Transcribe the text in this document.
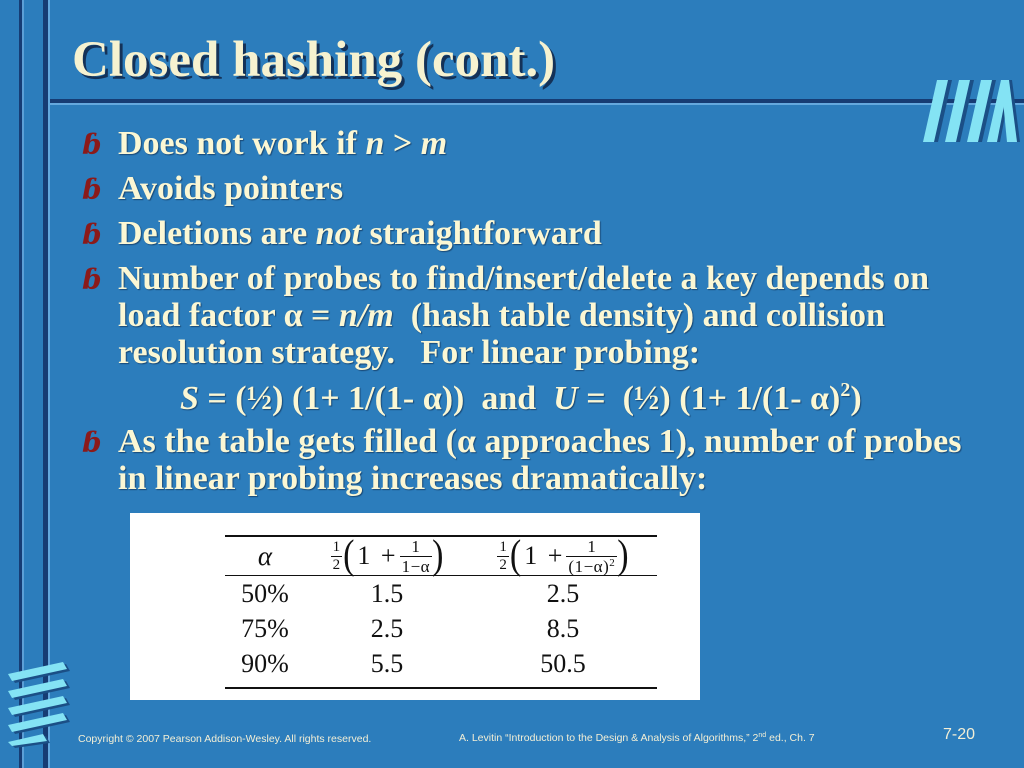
Closed hashing (cont.)
ɓ Does not work if n > m
ɓ Avoids pointers
ɓ Deletions are not straightforward
ɓ Number of probes to find/insert/delete a key depends on
load factor α = n/m  (hash table density) and collision
resolution strategy.   For linear probing:
S = (½) (1+ 1/(1- α))  and  U =  (½) (1+ 1/(1- α)$^2$)
ɓ As the table gets filled (α approaches 1), number of probes
in linear probing increases dramatically:
α	$\frac{1}{2}$ ( $1 + \frac{1}{1-\alpha}$ )	$\frac{1}{2}$ ( $1 + \frac{1}{(1-\alpha)^2}$ )
50%	1.5	2.5
75%	2.5	8.5
90%	5.5	50.5
Copyright © 2007 Pearson Addison-Wesley. All rights reserved.	A. Levitin “Introduction to the Design & Analysis of Algorithms,” 2nd ed., Ch. 7	7-20
